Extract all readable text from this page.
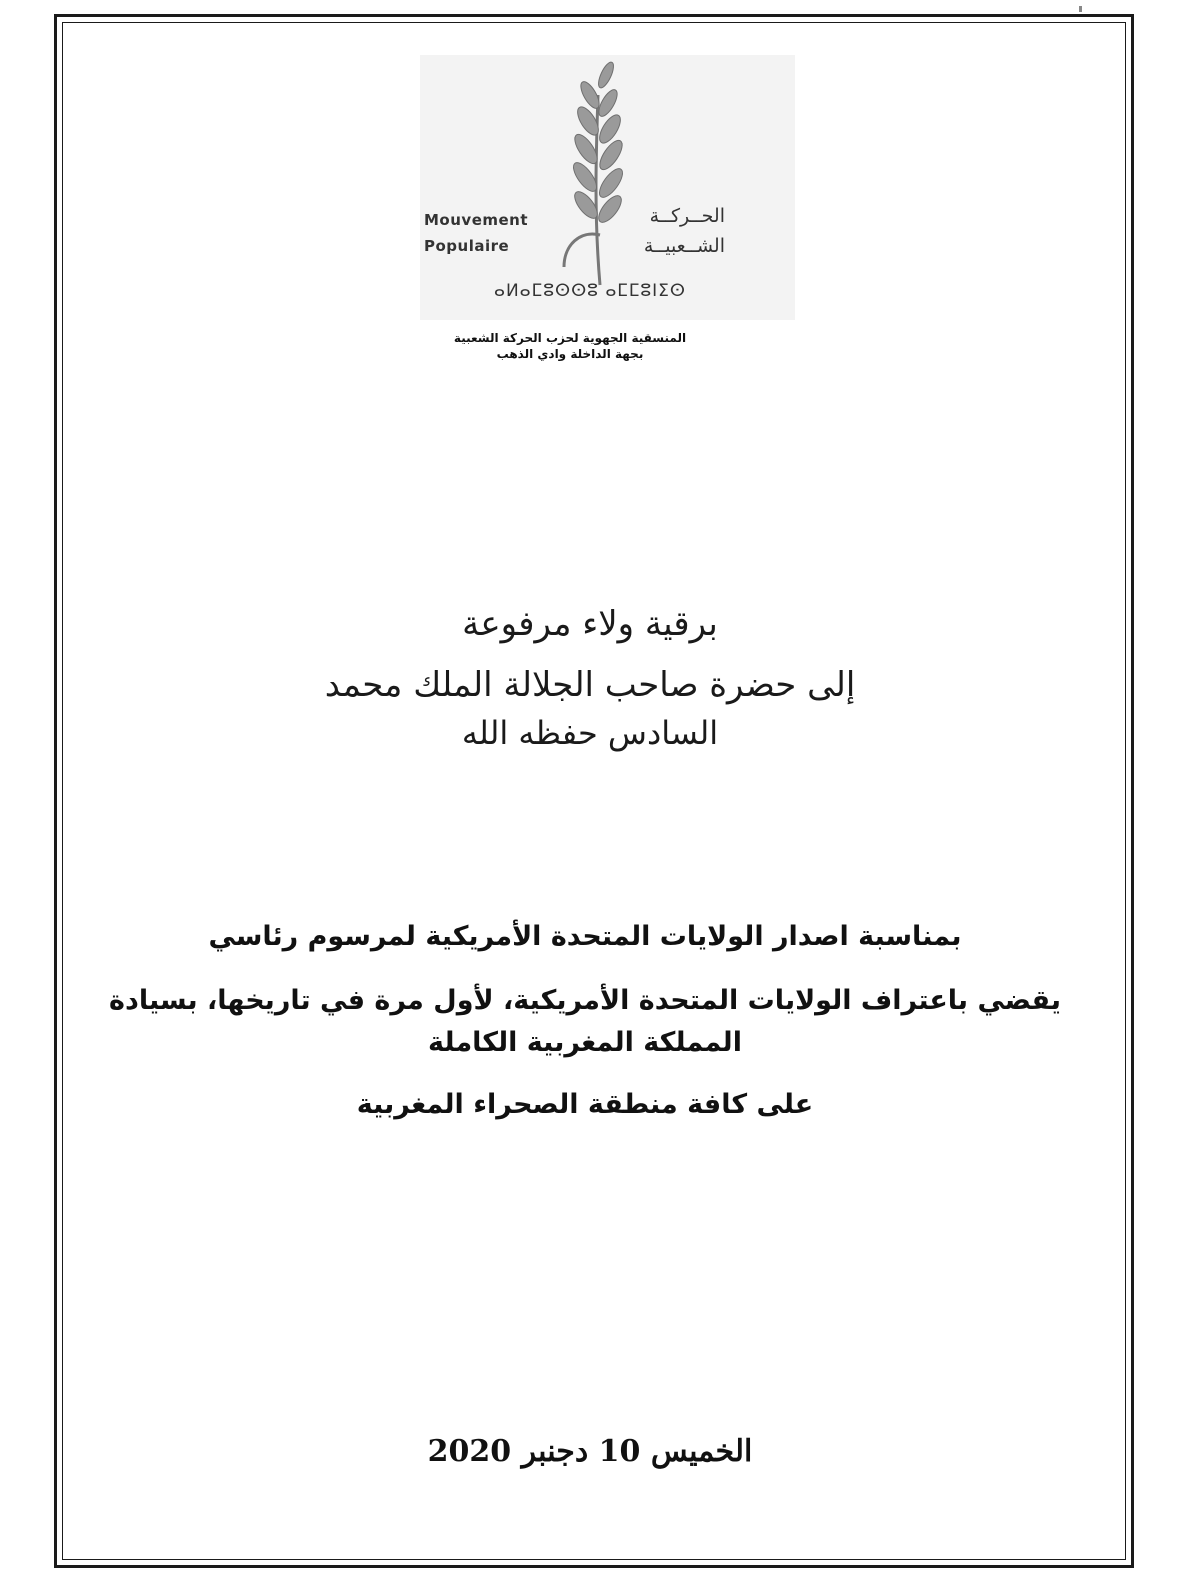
Mouvement
Populaire
الحــركــة
الشــعبيــة
ⴰⵍⴰⵎⵓⵙⵙⵓ ⴰⵎⵎⵓⵏⵉⵙ
المنسقية الجهوية لحزب الحركة الشعبية
بجهة الداخلة وادي الذهب
برقية ولاء مرفوعة
إلى حضرة صاحب الجلالة الملك محمد
السادس حفظه الله
بمناسبة اصدار الولايات المتحدة الأمريكية لمرسوم رئاسي
يقضي باعتراف الولايات المتحدة الأمريكية، لأول مرة في تاريخها، بسيادة
المملكة المغربية الكاملة
على كافة منطقة الصحراء المغربية
الخميس 10 دجنبر 2020
